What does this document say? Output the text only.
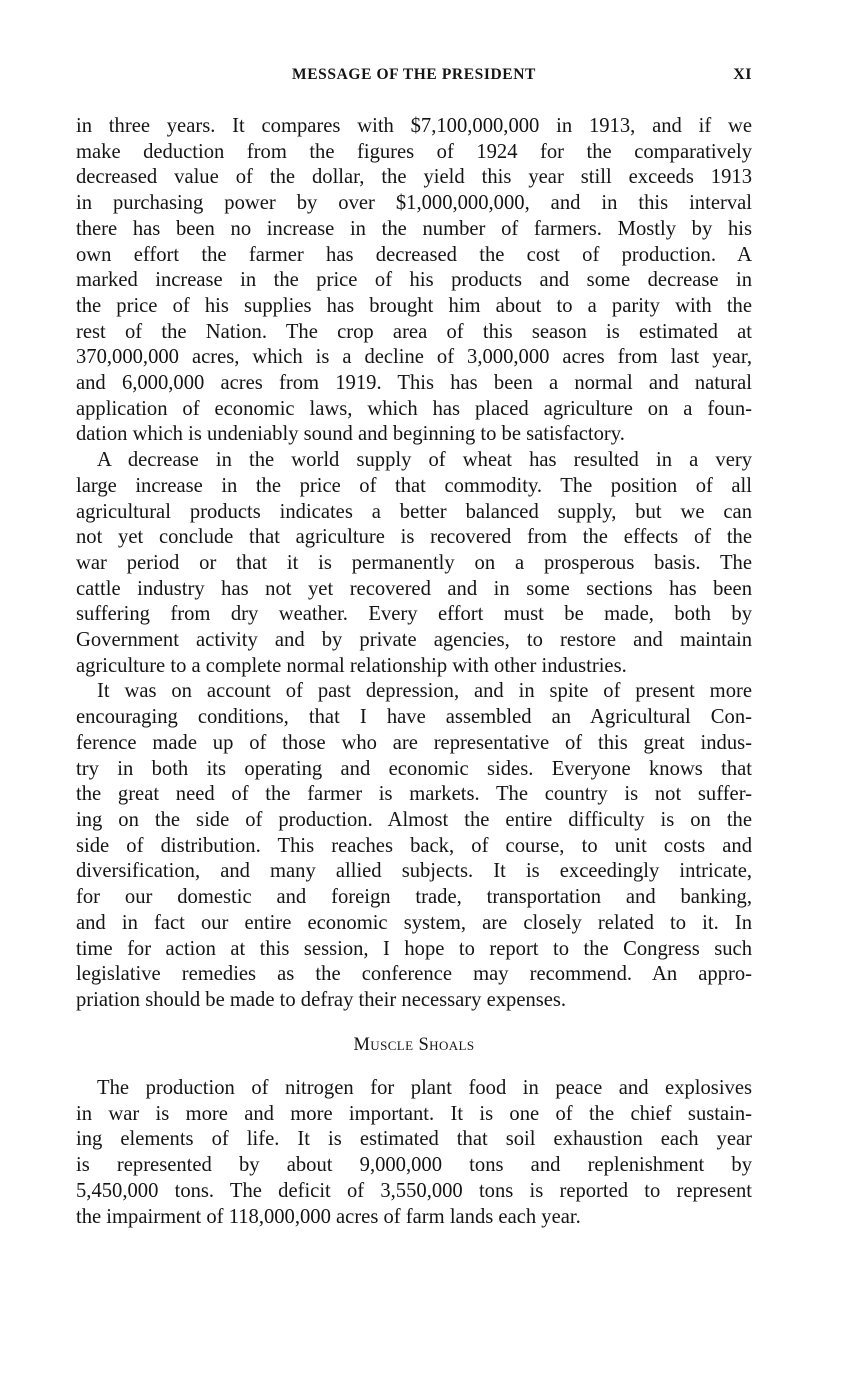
MESSAGE OF THE PRESIDENT	XI

in three years. It compares with $7,100,000,000 in 1913, and if we
make deduction from the figures of 1924 for the comparatively
decreased value of the dollar, the yield this year still exceeds 1913
in purchasing power by over $1,000,000,000, and in this interval
there has been no increase in the number of farmers. Mostly by his
own effort the farmer has decreased the cost of production. A
marked increase in the price of his products and some decrease in
the price of his supplies has brought him about to a parity with the
rest of the Nation. The crop area of this season is estimated at
370,000,000 acres, which is a decline of 3,000,000 acres from last year,
and 6,000,000 acres from 1919. This has been a normal and natural
application of economic laws, which has placed agriculture on a foun-
dation which is undeniably sound and beginning to be satisfactory.

A decrease in the world supply of wheat has resulted in a very
large increase in the price of that commodity. The position of all
agricultural products indicates a better balanced supply, but we can
not yet conclude that agriculture is recovered from the effects of the
war period or that it is permanently on a prosperous basis. The
cattle industry has not yet recovered and in some sections has been
suffering from dry weather. Every effort must be made, both by
Government activity and by private agencies, to restore and maintain
agriculture to a complete normal relationship with other industries.

It was on account of past depression, and in spite of present more
encouraging conditions, that I have assembled an Agricultural Con-
ference made up of those who are representative of this great indus-
try in both its operating and economic sides. Everyone knows that
the great need of the farmer is markets. The country is not suffer-
ing on the side of production. Almost the entire difficulty is on the
side of distribution. This reaches back, of course, to unit costs and
diversification, and many allied subjects. It is exceedingly intricate,
for our domestic and foreign trade, transportation and banking,
and in fact our entire economic system, are closely related to it. In
time for action at this session, I hope to report to the Congress such
legislative remedies as the conference may recommend. An appro-
priation should be made to defray their necessary expenses.

Muscle Shoals

The production of nitrogen for plant food in peace and explosives
in war is more and more important. It is one of the chief sustain-
ing elements of life. It is estimated that soil exhaustion each year
is represented by about 9,000,000 tons and replenishment by
5,450,000 tons. The deficit of 3,550,000 tons is reported to represent
the impairment of 118,000,000 acres of farm lands each year.
